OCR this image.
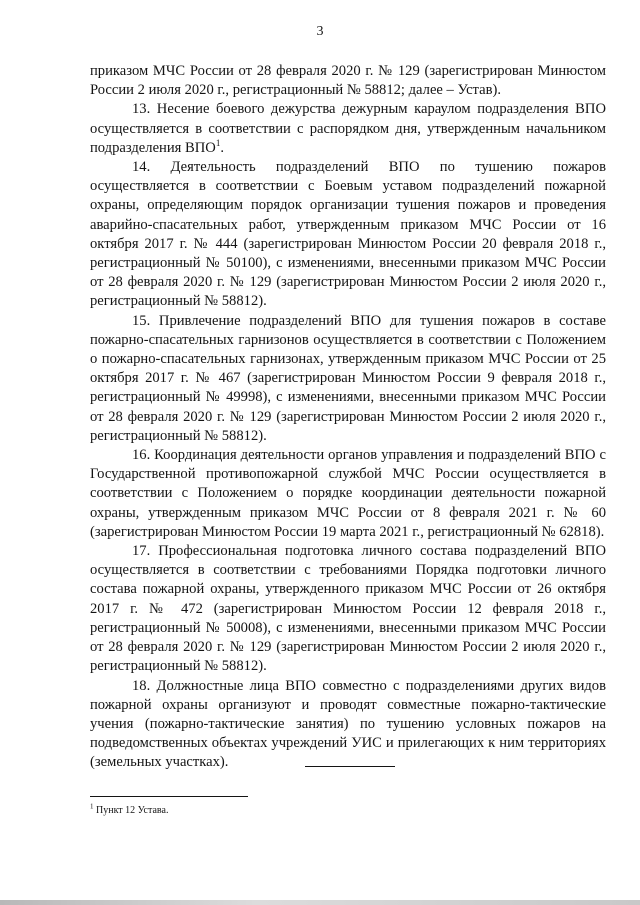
3

приказом МЧС России от 28 февраля 2020 г. № 129 (зарегистрирован Минюстом России 2 июля 2020 г., регистрационный № 58812; далее – Устав).

13. Несение боевого дежурства дежурным караулом подразделения ВПО осуществляется в соответствии с распорядком дня, утвержденным начальником подразделения ВПО$^1$.

14. Деятельность подразделений ВПО по тушению пожаров осуществляется в соответствии с Боевым уставом подразделений пожарной охраны, определяющим порядок организации тушения пожаров и проведения аварийно-спасательных работ, утвержденным приказом МЧС России от 16 октября 2017 г. № 444 (зарегистрирован Минюстом России 20 февраля 2018 г., регистрационный № 50100), с изменениями, внесенными приказом МЧС России от 28 февраля 2020 г. № 129 (зарегистрирован Минюстом России 2 июля 2020 г., регистрационный № 58812).

15. Привлечение подразделений ВПО для тушения пожаров в составе пожарно-спасательных гарнизонов осуществляется в соответствии с Положением о пожарно-спасательных гарнизонах, утвержденным приказом МЧС России от 25 октября 2017 г. № 467 (зарегистрирован Минюстом России 9 февраля 2018 г., регистрационный № 49998), с изменениями, внесенными приказом МЧС России от 28 февраля 2020 г. № 129 (зарегистрирован Минюстом России 2 июля 2020 г., регистрационный № 58812).

16. Координация деятельности органов управления и подразделений ВПО с Государственной противопожарной службой МЧС России осуществляется в соответствии с Положением о порядке координации деятельности пожарной охраны, утвержденным приказом МЧС России от 8 февраля 2021 г. № 60 (зарегистрирован Минюстом России 19 марта 2021 г., регистрационный № 62818).

17. Профессиональная подготовка личного состава подразделений ВПО осуществляется в соответствии с требованиями Порядка подготовки личного состава пожарной охраны, утвержденного приказом МЧС России от 26 октября 2017 г. № 472 (зарегистрирован Минюстом России 12 февраля 2018 г., регистрационный № 50008), с изменениями, внесенными приказом МЧС России от 28 февраля 2020 г. № 129 (зарегистрирован Минюстом России 2 июля 2020 г., регистрационный № 58812).

18. Должностные лица ВПО совместно с подразделениями других видов пожарной охраны организуют и проводят совместные пожарно-тактические учения (пожарно-тактические занятия) по тушению условных пожаров на подведомственных объектах учреждений УИС и прилегающих к ним территориях (земельных участках).

$^1$ Пункт 12 Устава.
